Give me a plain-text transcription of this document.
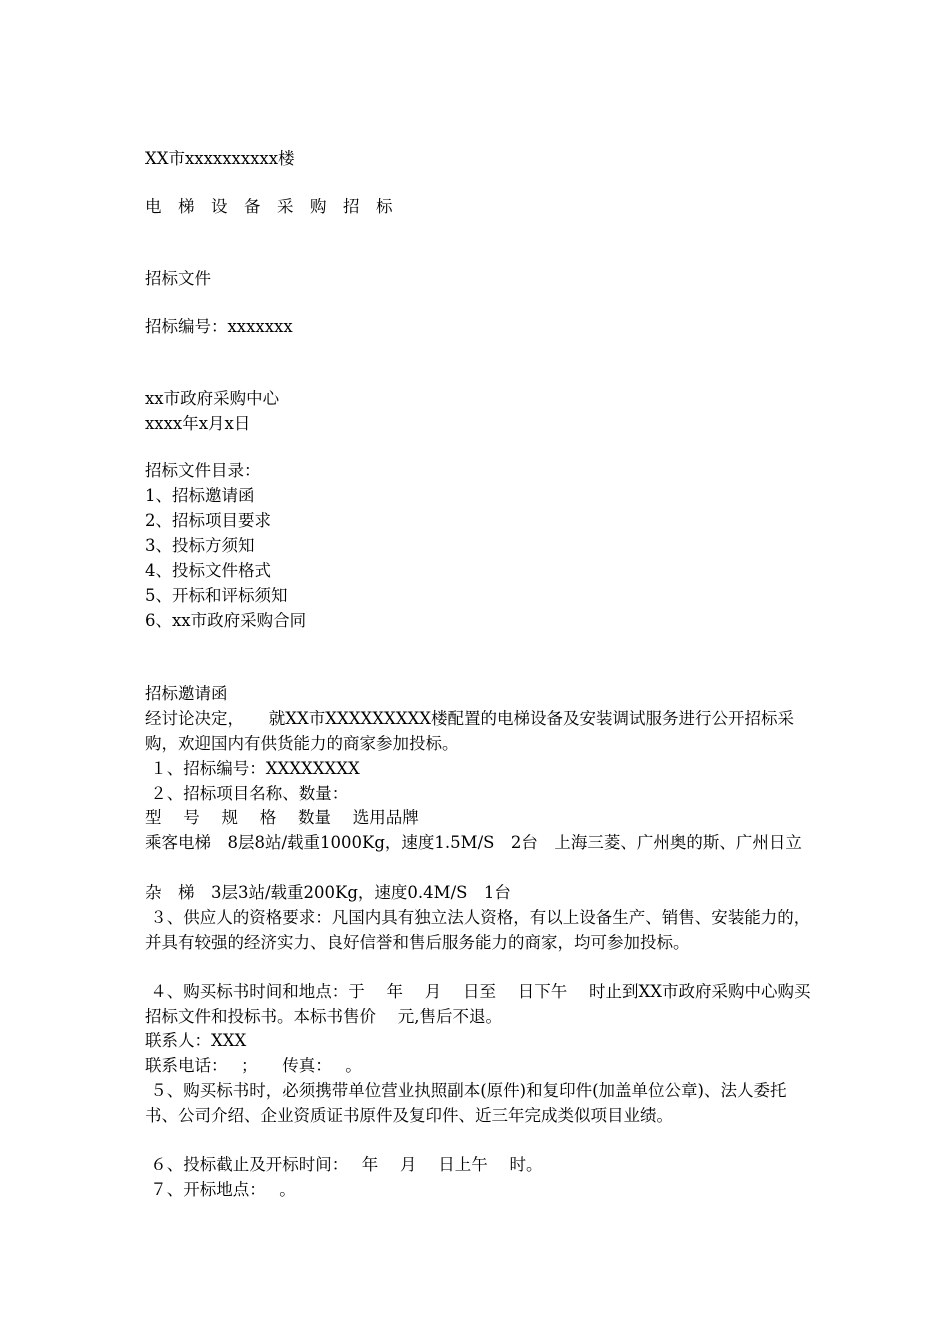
XX市xxxxxxxxxx楼
电　梯　设　备　采　购　招　标
招标文件
招标编号：xxxxxxx
xx市政府采购中心
xxxx年x月x日
招标文件目录：
1、招标邀请函
2、招标项目要求
3、投标方须知
4、投标文件格式
5、开标和评标须知
6、xx市政府采购合同
招标邀请函
经讨论决定，　　就XX市XXXXXXXXX楼配置的电梯设备及安装调试服务进行公开招标采购，欢迎国内有供货能力的商家参加投标。
１、招标编号：XXXXXXXX
２、招标项目名称、数量：
型　 号　 规　 格　 数量　 选用品牌
乘客电梯　8层8站/载重1000Kg，速度1.5M/S　2台　上海三菱、广州奥的斯、广州日立
杂　梯　3层3站/载重200Kg，速度0.4M/S　1台
３、供应人的资格要求：凡国内具有独立法人资格，有以上设备生产、销售、安装能力的，并具有较强的经济实力、良好信誉和售后服务能力的商家，均可参加投标。
４、购买标书时间和地点：于　 年　 月　 日至　 日下午　 时止到XX市政府采购中心购买招标文件和投标书。本标书售价　 元,售后不退。
联系人：XXX
联系电话：　 ；　　传真：　 。
５、购买标书时，必须携带单位营业执照副本(原件)和复印件(加盖单位公章)、法人委托书、公司介绍、企业资质证书原件及复印件、近三年完成类似项目业绩。
６、投标截止及开标时间：　 年　 月　 日上午　 时。
７、开标地点：　 。
